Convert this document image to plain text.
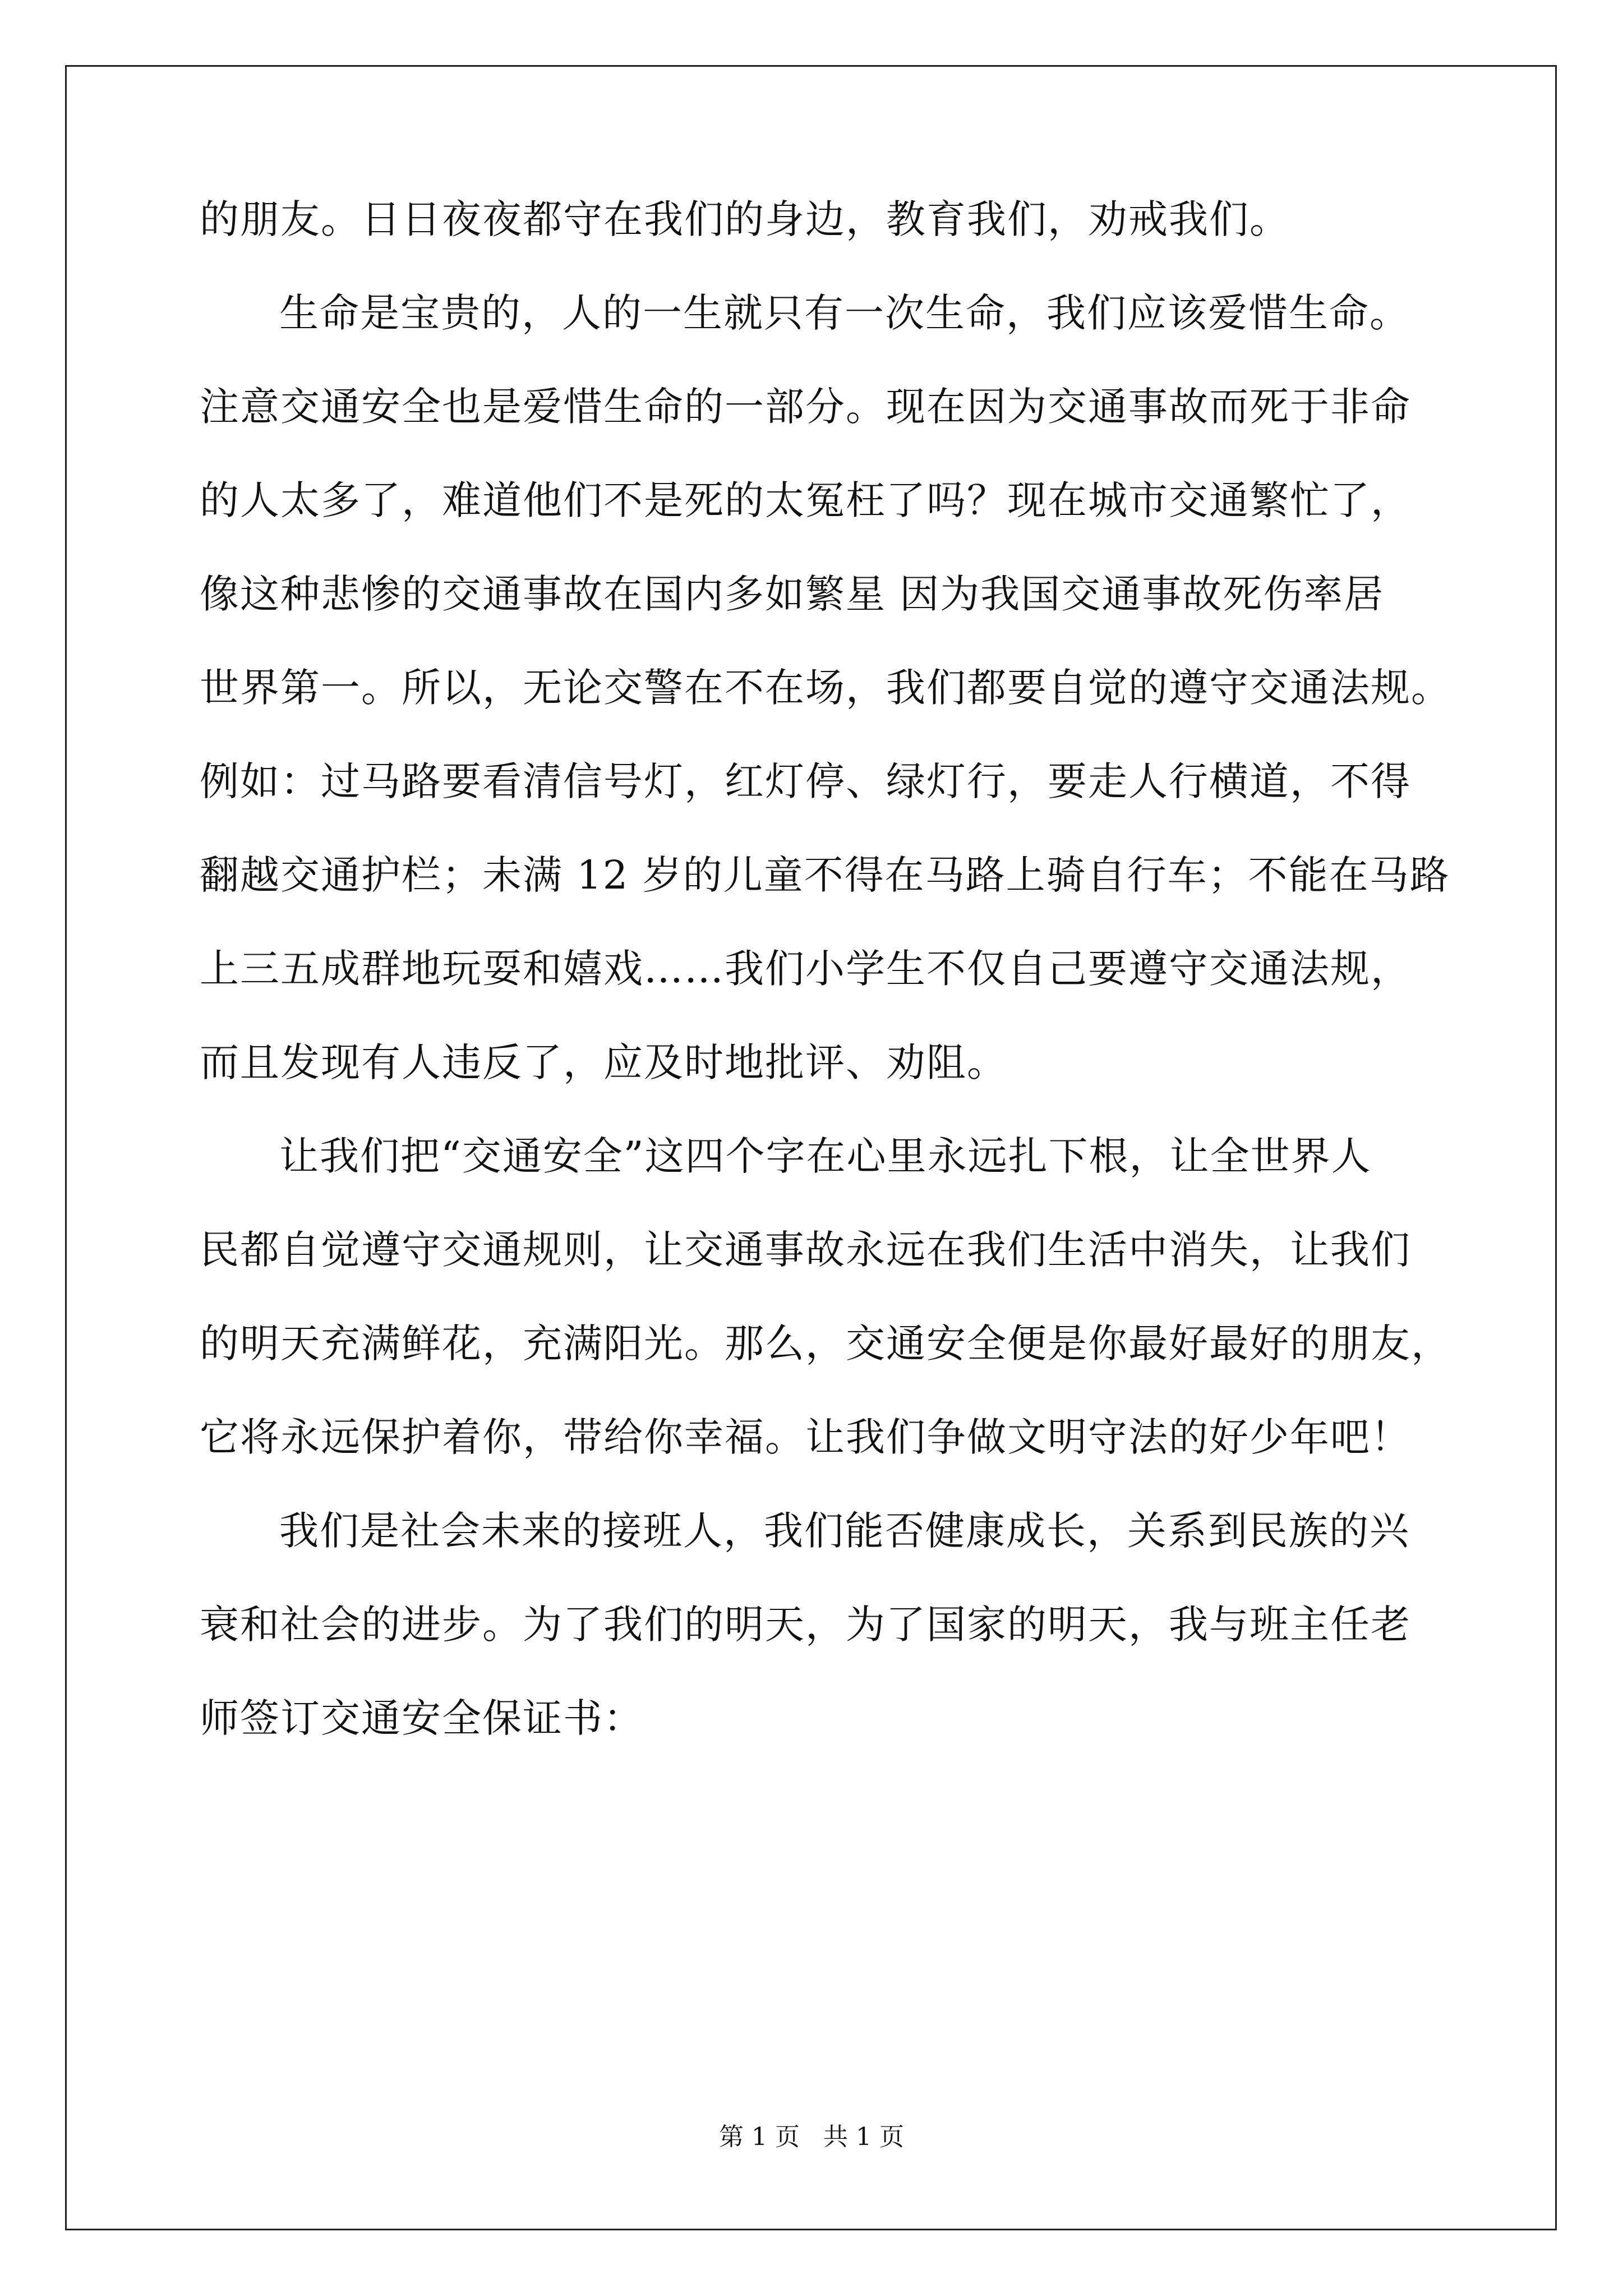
的朋友。日日夜夜都守在我们的身边，教育我们，劝戒我们。
生命是宝贵的，人的一生就只有一次生命，我们应该爱惜生命。
注意交通安全也是爱惜生命的一部分。现在因为交通事故而死于非命
的人太多了，难道他们不是死的太冤枉了吗？现在城市交通繁忙了，
像这种悲惨的交通事故在国内多如繁星 因为我国交通事故死伤率居
世界第一。所以，无论交警在不在场，我们都要自觉的遵守交通法规。
例如：过马路要看清信号灯，红灯停、绿灯行，要走人行横道，不得
翻越交通护栏；未满 12 岁的儿童不得在马路上骑自行车；不能在马路
上三五成群地玩耍和嬉戏……我们小学生不仅自己要遵守交通法规，
而且发现有人违反了，应及时地批评、劝阻。
让我们把“交通安全”这四个字在心里永远扎下根，让全世界人
民都自觉遵守交通规则，让交通事故永远在我们生活中消失，让我们
的明天充满鲜花，充满阳光。那么，交通安全便是你最好最好的朋友，
它将永远保护着你，带给你幸福。让我们争做文明守法的好少年吧！
我们是社会未来的接班人，我们能否健康成长，关系到民族的兴
衰和社会的进步。为了我们的明天，为了国家的明天，我与班主任老
师签订交通安全保证书：
第 1 页   共 1 页
